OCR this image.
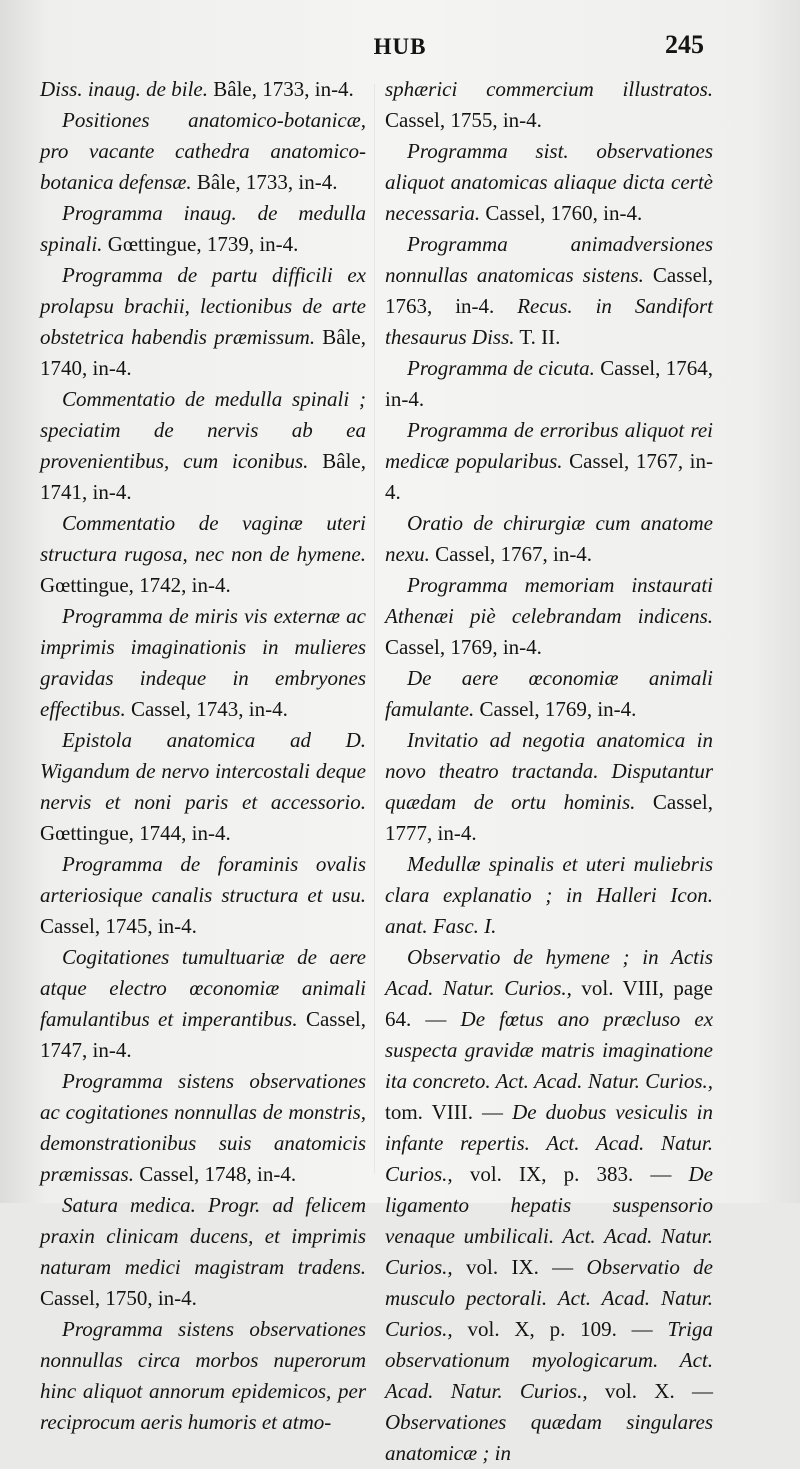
HUB	245

Diss. inaug. de bile. Bâle, 1733, in-4.

Positiones anatomico-botanicæ, pro vacante cathedra anatomico-botanica defensæ. Bâle, 1733, in-4.

Programma inaug. de medulla spinali. Gœttingue, 1739, in-4.

Programma de partu difficili ex prolapsu brachii, lectionibus de arte obstetrica habendis præmissum. Bâle, 1740, in-4.

Commentatio de medulla spinali ; speciatim de nervis ab ea provenientibus, cum iconibus. Bâle, 1741, in-4.

Commentatio de vaginæ uteri structura rugosa, nec non de hymene. Gœttingue, 1742, in-4.

Programma de miris vis externæ ac imprimis imaginationis in mulieres gravidas indeque in embryones effectibus. Cassel, 1743, in-4.

Epistola anatomica ad D. Wigandum de nervo intercostali deque nervis et noni paris et accessorio. Gœttingue, 1744, in-4.

Programma de foraminis ovalis arteriosique canalis structura et usu. Cassel, 1745, in-4.

Cogitationes tumultuariæ de aere atque electro œconomiæ animali famulantibus et imperantibus. Cassel, 1747, in-4.

Programma sistens observationes ac cogitationes nonnullas de monstris, demonstrationibus suis anatomicis præmissas. Cassel, 1748, in-4.

Satura medica. Progr. ad felicem praxin clinicam ducens, et imprimis naturam medici magistram tradens. Cassel, 1750, in-4.

Programma sistens observationes nonnullas circa morbos nuperorum hinc aliquot annorum epidemicos, per reciprocum aeris humoris et atmo-

sphærici commercium illustratos. Cassel, 1755, in-4.

Programma sist. observationes aliquot anatomicas aliaque dicta certè necessaria. Cassel, 1760, in-4.

Programma animadversiones nonnullas anatomicas sistens. Cassel, 1763, in-4. Recus. in Sandifort thesaurus Diss. T. II.

Programma de cicuta. Cassel, 1764, in-4.

Programma de erroribus aliquot rei medicæ popularibus. Cassel, 1767, in-4.

Oratio de chirurgiæ cum anatome nexu. Cassel, 1767, in-4.

Programma memoriam instaurati Athenæi piè celebrandam indicens. Cassel, 1769, in-4.

De aere œconomiæ animali famulante. Cassel, 1769, in-4.

Invitatio ad negotia anatomica in novo theatro tractanda. Disputantur quædam de ortu hominis. Cassel, 1777, in-4.

Medullæ spinalis et uteri muliebris clara explanatio ; in Halleri Icon. anat. Fasc. I.

Observatio de hymene ; in Actis Acad. Natur. Curios., vol. VIII, page 64. — De fœtus ano præcluso ex suspecta gravidæ matris imaginatione ita concreto. Act. Acad. Natur. Curios., tom. VIII. — De duobus vesiculis in infante repertis. Act. Acad. Natur. Curios., vol. IX, p. 383. — De ligamento hepatis suspensorio venaque umbilicali. Act. Acad. Natur. Curios., vol. IX. — Observatio de musculo pectorali. Act. Acad. Natur. Curios., vol. X, p. 109. — Triga observationum myologicarum. Act. Acad. Natur. Curios., vol. X. — Observationes quædam singulares anatomicæ ; in
